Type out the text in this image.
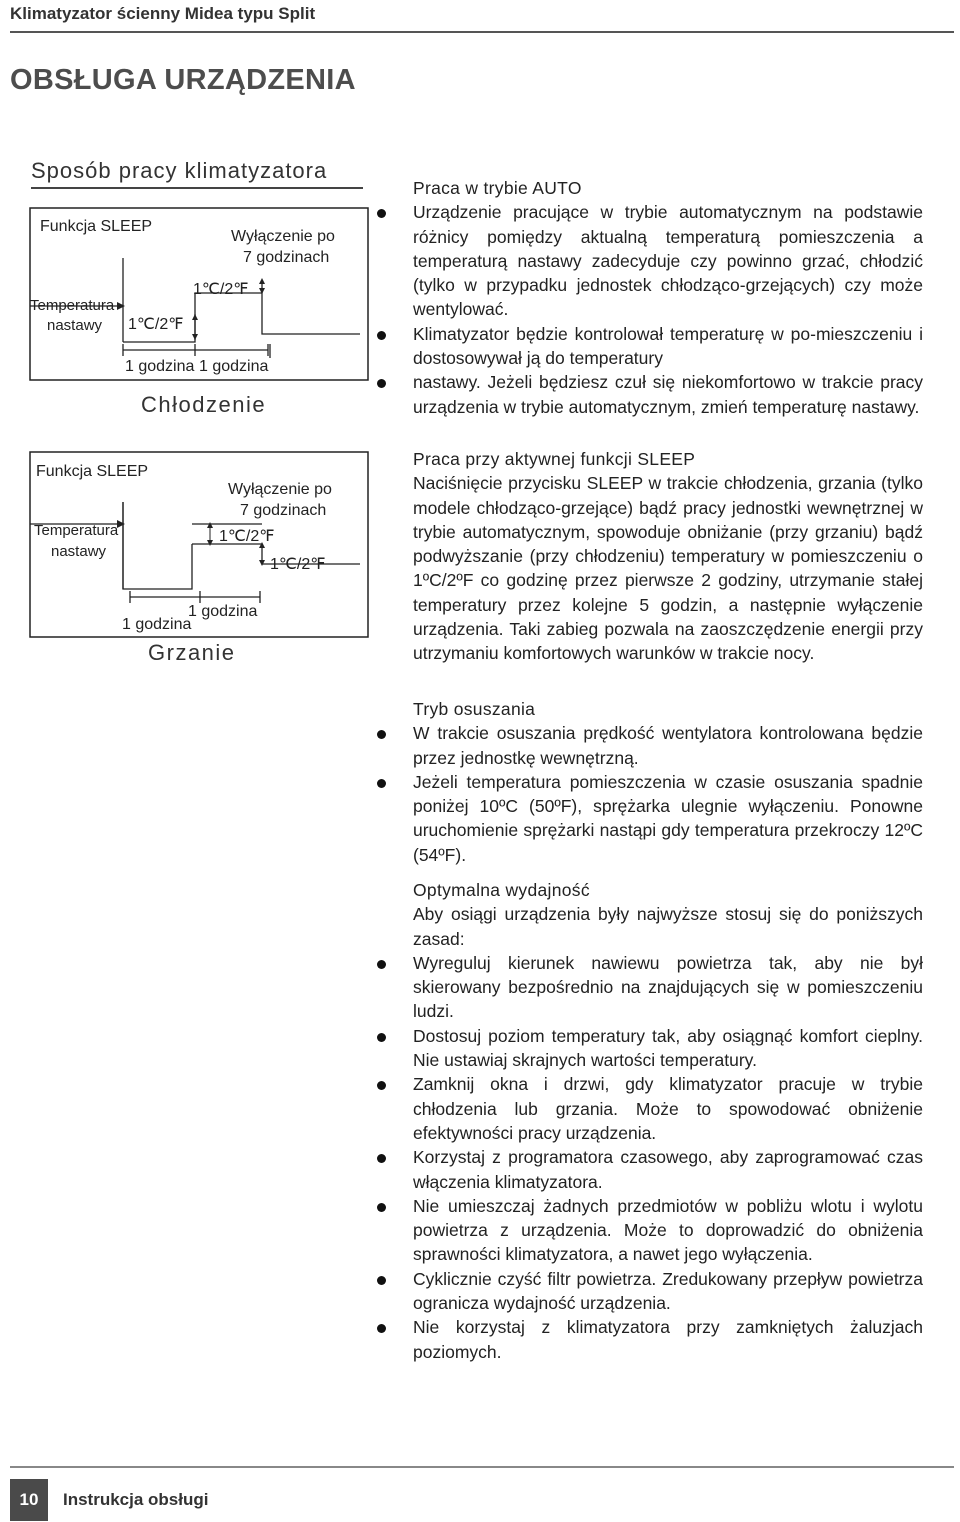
Klimatyzator ścienny Midea typu Split
OBSŁUGA URZĄDZENIA
Sposób pracy klimatyzatora
Funkcja SLEEP
Wyłączenie po
7 godzinach
Temperatura
nastawy 1℃/2℉
1℃/2℉
1 godzina 1 godzina
Chłodzenie
Funkcja SLEEP
Wyłączenie po
7 godzinach
Temperatura
nastawy
1℃/2℉
1℃/2℉
1 godzina
1 godzina
Grzanie
Praca w trybie AUTO
Urządzenie pracujące w trybie automatycznym na podstawie różnicy pomiędzy aktualną temperaturą pomieszczenia a temperaturą nastawy zadecyduje czy powinno grzać, chłodzić (tylko w przypadku jednostek chłodząco-grzejących) czy może wentylować.
Klimatyzator będzie kontrolował temperaturę w po-mieszczeniu i dostosowywał ją do temperatury
nastawy. Jeżeli będziesz czuł się niekomfortowo w trakcie pracy urządzenia w trybie automatycznym, zmień temperaturę nastawy.
Praca przy aktywnej funkcji SLEEP
Naciśnięcie przycisku SLEEP w trakcie chłodzenia, grzania (tylko modele chłodząco-grzejące) bądź pracy jednostki wewnętrznej w trybie automatycznym, spowoduje obniżanie (przy grzaniu) bądź podwyższanie (przy chłodzeniu) temperatury w pomieszczeniu o 1ºC/2ºF co godzinę przez pierwsze 2 godziny, utrzymanie stałej temperatury przez kolejne 5 godzin, a następnie wyłączenie urządzenia. Taki zabieg pozwala na zaoszczędzenie energii przy utrzymaniu komfortowych warunków w trakcie nocy.
Tryb osuszania
W trakcie osuszania prędkość wentylatora kontrolowana będzie przez jednostkę wewnętrzną.
Jeżeli temperatura pomieszczenia w czasie osuszania spadnie poniżej 10ºC (50ºF), sprężarka ulegnie wyłączeniu. Ponowne uruchomienie sprężarki nastąpi gdy temperatura przekroczy 12ºC (54ºF).
Optymalna wydajność
Aby osiągi urządzenia były najwyższe stosuj się do poniższych zasad:
Wyreguluj kierunek nawiewu powietrza tak, aby nie był skierowany bezpośrednio na znajdujących się w pomieszczeniu ludzi.
Dostosuj poziom temperatury tak, aby osiągnąć komfort cieplny. Nie ustawiaj skrajnych wartości temperatury.
Zamknij okna i drzwi, gdy klimatyzator pracuje w trybie chłodzenia lub grzania. Może to spowodować obniżenie efektywności pracy urządzenia.
Korzystaj z programatora czasowego, aby zaprogramować czas włączenia klimatyzatora.
Nie umieszczaj żadnych przedmiotów w pobliżu wlotu i wylotu powietrza z urządzenia. Może to doprowadzić do obniżenia sprawności klimatyzatora, a nawet jego wyłączenia.
Cyklicznie czyść filtr powietrza. Zredukowany przepływ powietrza ogranicza wydajność urządzenia.
Nie korzystaj z klimatyzatora przy zamkniętych żaluzjach poziomych.
10	Instrukcja obsługi
